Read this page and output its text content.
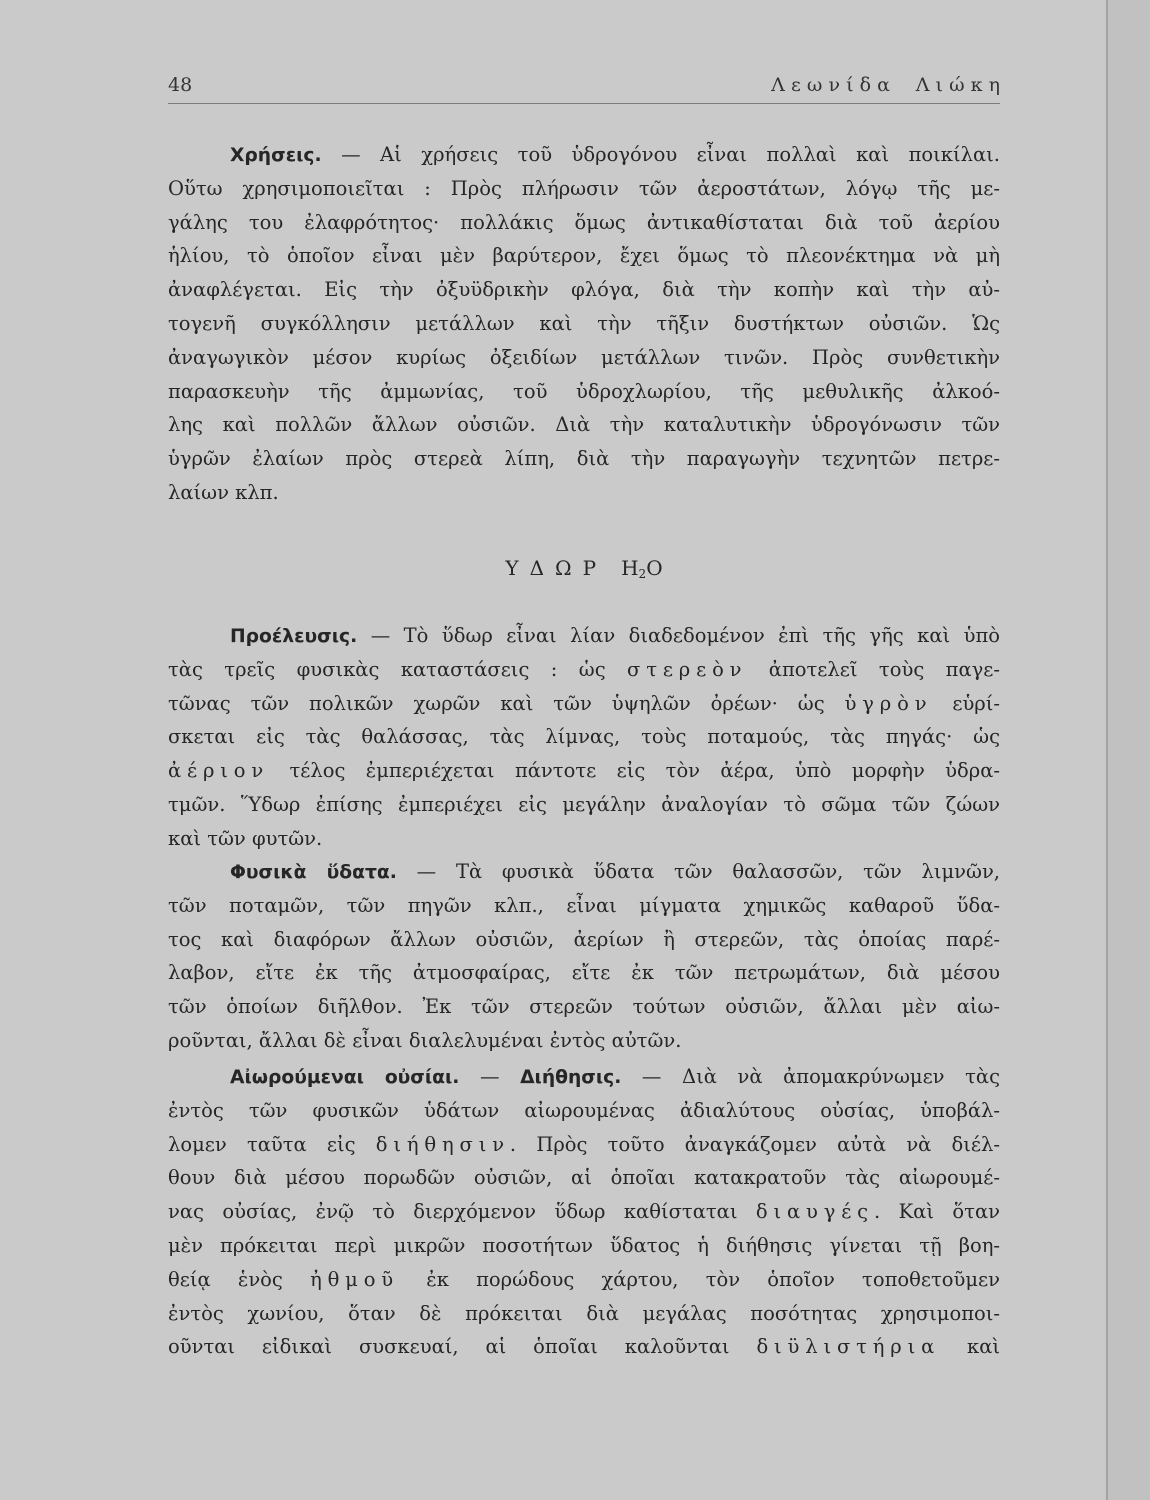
48	Λεωνίδα Λιώκη
Χρήσεις. — Αἱ χρήσεις τοῦ ὑδρογόνου εἶναι πολλαὶ καὶ ποικίλαι.
Οὕτω χρησιμοποιεῖται : Πρὸς πλήρωσιν τῶν ἀεροστάτων, λόγῳ τῆς με-
γάλης του ἐλαφρότητος· πολλάκις ὅμως ἀντικαθίσταται διὰ τοῦ ἀερίου
ἡλίου, τὸ ὁποῖον εἶναι μὲν βαρύτερον, ἔχει ὅμως τὸ πλεονέκτημα νὰ μὴ
ἀναφλέγεται. Εἰς τὴν ὀξυϋδρικὴν φλόγα, διὰ τὴν κοπὴν καὶ τὴν αὐ-
τογενῆ συγκόλλησιν μετάλλων καὶ τὴν τῆξιν δυστήκτων οὐσιῶν. Ὡς
ἀναγωγικὸν μέσον κυρίως ὀξειδίων μετάλλων τινῶν. Πρὸς συνθετικὴν
παρασκευὴν τῆς ἀμμωνίας, τοῦ ὑδροχλωρίου, τῆς μεθυλικῆς ἀλκοό-
λης καὶ πολλῶν ἄλλων οὐσιῶν. Διὰ τὴν καταλυτικὴν ὑδρογόνωσιν τῶν
ὑγρῶν ἐλαίων πρὸς στερεὰ λίπη, διὰ τὴν παραγωγὴν τεχνητῶν πετρε-
λαίων κλπ.
ΥΔΩΡ H2O
Προέλευσις. — Τὸ ὕδωρ εἶναι λίαν διαδεδομένον ἐπὶ τῆς γῆς καὶ ὑπὸ
τὰς τρεῖς φυσικὰς καταστάσεις : ὡς στερεὸν ἀποτελεῖ τοὺς παγε-
τῶνας τῶν πολικῶν χωρῶν καὶ τῶν ὑψηλῶν ὀρέων· ὡς ὑγρὸν εὑρί-
σκεται εἰς τὰς θαλάσσας, τὰς λίμνας, τοὺς ποταμούς, τὰς πηγάς· ὡς
ἀέριον τέλος ἐμπεριέχεται πάντοτε εἰς τὸν ἀέρα, ὑπὸ μορφὴν ὑδρα-
τμῶν. Ὕδωρ ἐπίσης ἐμπεριέχει εἰς μεγάλην ἀναλογίαν τὸ σῶμα τῶν ζώων
καὶ τῶν φυτῶν.
Φυσικὰ ὕδατα. — Τὰ φυσικὰ ὕδατα τῶν θαλασσῶν, τῶν λιμνῶν,
τῶν ποταμῶν, τῶν πηγῶν κλπ., εἶναι μίγματα χημικῶς καθαροῦ ὕδα-
τος καὶ διαφόρων ἄλλων οὐσιῶν, ἀερίων ἢ στερεῶν, τὰς ὁποίας παρέ-
λαβον, εἴτε ἐκ τῆς ἀτμοσφαίρας, εἴτε ἐκ τῶν πετρωμάτων, διὰ μέσου
τῶν ὁποίων διῆλθον. Ἐκ τῶν στερεῶν τούτων οὐσιῶν, ἄλλαι μὲν αἰω-
ροῦνται, ἄλλαι δὲ εἶναι διαλελυμέναι ἐντὸς αὐτῶν.
Αἰωρούμεναι οὐσίαι. — Διήθησις. — Διὰ νὰ ἀπομακρύνωμεν τὰς
ἐντὸς τῶν φυσικῶν ὑδάτων αἰωρουμένας ἀδιαλύτους οὐσίας, ὑποβάλ-
λομεν ταῦτα εἰς διήθησιν. Πρὸς τοῦτο ἀναγκάζομεν αὐτὰ νὰ διέλ-
θουν διὰ μέσου πορωδῶν οὐσιῶν, αἱ ὁποῖαι κατακρατοῦν τὰς αἰωρουμέ-
νας οὐσίας, ἐνῷ τὸ διερχόμενον ὕδωρ καθίσταται διαυγές. Καὶ ὅταν
μὲν πρόκειται περὶ μικρῶν ποσοτήτων ὕδατος ἡ διήθησις γίνεται τῇ βοη-
θείᾳ ἑνὸς ἠθμοῦ ἐκ πορώδους χάρτου, τὸν ὁποῖον τοποθετοῦμεν
ἐντὸς χωνίου, ὅταν δὲ πρόκειται διὰ μεγάλας ποσότητας χρησιμοποι-
οῦνται εἰδικαὶ συσκευαί, αἱ ὁποῖαι καλοῦνται διϋλιστήρια καὶ
